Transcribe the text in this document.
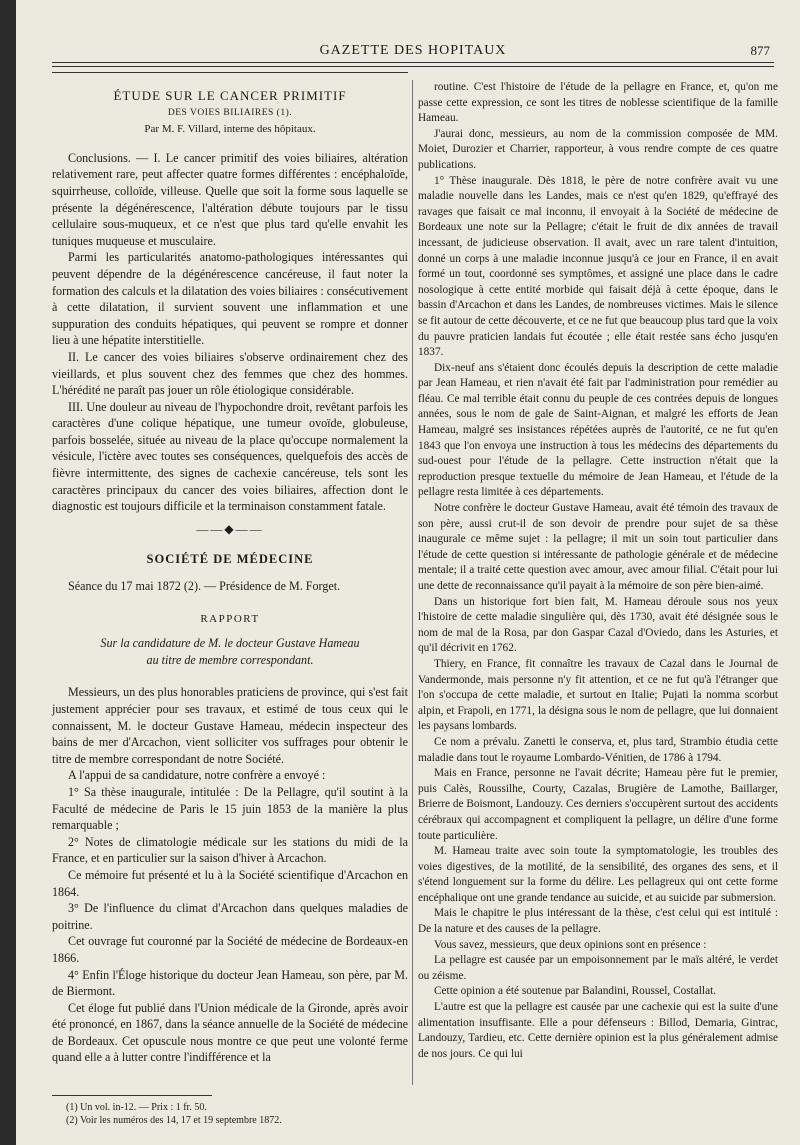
GAZETTE DES HOPITAUX	877

ÉTUDE SUR LE CANCER PRIMITIF

DES VOIES BILIAIRES (1).

Par M. F. Villard, interne des hôpitaux.

Conclusions. — I. Le cancer primitif des voies biliaires, altération relativement rare, peut affecter quatre formes différentes : encéphaloïde, squirrheuse, colloïde, villeuse. Quelle que soit la forme sous laquelle se présente la dégénérescence, l'altération débute toujours par le tissu cellulaire sous-muqueux, et ce n'est que plus tard qu'elle envahit les tuniques muqueuse et musculaire.

Parmi les particularités anatomo-pathologiques intéressantes qui peuvent dépendre de la dégénérescence cancéreuse, il faut noter la formation des calculs et la dilatation des voies biliaires : consécutivement à cette dilatation, il survient souvent une inflammation et une suppuration des conduits hépatiques, qui peuvent se rompre et donner lieu à une hépatite interstitielle.

II. Le cancer des voies biliaires s'observe ordinairement chez des vieillards, et plus souvent chez des femmes que chez des hommes. L'hérédité ne paraît pas jouer un rôle étiologique considérable.

III. Une douleur au niveau de l'hypochondre droit, revêtant parfois les caractères d'une colique hépatique, une tumeur ovoïde, globuleuse, parfois bosselée, située au niveau de la place qu'occupe normalement la vésicule, l'ictère avec toutes ses conséquences, quelquefois des accès de fièvre intermittente, des signes de cachexie cancéreuse, tels sont les caractères principaux du cancer des voies biliaires, affection dont le diagnostic est toujours difficile et la terminaison constamment fatale.

——◆——

SOCIÉTÉ DE MÉDECINE

Séance du 17 mai 1872 (2). — Présidence de M. Forget.

RAPPORT

Sur la candidature de M. le docteur Gustave Hameau
au titre de membre correspondant.

Messieurs, un des plus honorables praticiens de province, qui s'est fait justement apprécier pour ses travaux, et estimé de tous ceux qui le connaissent, M. le docteur Gustave Hameau, médecin inspecteur des bains de mer d'Arcachon, vient solliciter vos suffrages pour obtenir le titre de membre correspondant de notre Société.

A l'appui de sa candidature, notre confrère a envoyé :

1° Sa thèse inaugurale, intitulée : De la Pellagre, qu'il soutint à la Faculté de médecine de Paris le 15 juin 1853 de la manière la plus remarquable ;

2° Notes de climatologie médicale sur les stations du midi de la France, et en particulier sur la saison d'hiver à Arcachon.

Ce mémoire fut présenté et lu à la Société scientifique d'Arcachon en 1864.

3° De l'influence du climat d'Arcachon dans quelques maladies de poitrine.

Cet ouvrage fut couronné par la Société de médecine de Bordeaux-en 1866.

4° Enfin l'Éloge historique du docteur Jean Hameau, son père, par M. de Biermont.

Cet éloge fut publié dans l'Union médicale de la Gironde, après avoir été prononcé, en 1867, dans la séance annuelle de la Société de médecine de Bordeaux. Cet opuscule nous montre ce que peut une volonté ferme quand elle a à lutter contre l'indifférence et la

routine. C'est l'histoire de l'étude de la pellagre en France, et, qu'on me passe cette expression, ce sont les titres de noblesse scientifique de la famille Hameau.

J'aurai donc, messieurs, au nom de la commission composée de MM. Moiet, Durozier et Charrier, rapporteur, à vous rendre compte de ces quatre publications.

1° Thèse inaugurale. Dès 1818, le père de notre confrère avait vu une maladie nouvelle dans les Landes, mais ce n'est qu'en 1829, qu'effrayé des ravages que faisait ce mal inconnu, il envoyait à la Société de médecine de Bordeaux une note sur la Pellagre; c'était le fruit de dix années de travail incessant, de judicieuse observation. Il avait, avec un rare talent d'intuition, donné un corps à une maladie inconnue jusqu'à ce jour en France, il en avait formé un tout, coordonné ses symptômes, et assigné une place dans le cadre nosologique à cette entité morbide qui faisait déjà à cette époque, dans le bassin d'Arcachon et dans les Landes, de nombreuses victimes. Mais le silence se fit autour de cette découverte, et ce ne fut que beaucoup plus tard que la voix du pauvre praticien landais fut écoutée ; elle était restée sans écho jusqu'en 1837.

Dix-neuf ans s'étaient donc écoulés depuis la description de cette maladie par Jean Hameau, et rien n'avait été fait par l'administration pour remédier au fléau. Ce mal terrible était connu du peuple de ces contrées depuis de longues années, sous le nom de gale de Saint-Aignan, et malgré les efforts de Jean Hameau, malgré ses insistances répétées auprès de l'autorité, ce ne fut qu'en 1843 que l'on envoya une instruction à tous les médecins des départements du sud-ouest pour l'étude de la pellagre. Cette instruction n'était que la reproduction presque textuelle du mémoire de Jean Hameau, et l'étude de la pellagre resta limitée à ces départements.

Notre confrère le docteur Gustave Hameau, avait été témoin des travaux de son père, aussi crut-il de son devoir de prendre pour sujet de sa thèse inaugurale ce même sujet : la pellagre; il mit un soin tout particulier dans l'étude de cette question si intéressante de pathologie générale et de médecine mentale; il a traité cette question avec amour, avec amour filial. C'était pour lui une dette de reconnaissance qu'il payait à la mémoire de son père bien-aimé.

Dans un historique fort bien fait, M. Hameau déroule sous nos yeux l'histoire de cette maladie singulière qui, dès 1730, avait été désignée sous le nom de mal de la Rosa, par don Gaspar Cazal d'Oviedo, dans les Asturies, et qu'il décrivit en 1762.

Thiery, en France, fit connaître les travaux de Cazal dans le Journal de Vandermonde, mais personne n'y fit attention, et ce ne fut qu'à l'étranger que l'on s'occupa de cette maladie, et surtout en Italie; Pujati la nomma scorbut alpin, et Frapoli, en 1771, la désigna sous le nom de pellagre, que lui donnaient les paysans lombards.

Ce nom a prévalu. Zanetti le conserva, et, plus tard, Strambio étudia cette maladie dans tout le royaume Lombardo-Vénitien, de 1786 à 1794.

Mais en France, personne ne l'avait décrite; Hameau père fut le premier, puis Calès, Roussilhe, Courty, Cazalas, Brugière de Lamothe, Baillarger, Brierre de Boismont, Landouzy. Ces derniers s'occupèrent surtout des accidents cérébraux qui accompagnent et compliquent la pellagre, un délire d'une forme toute particulière.

M. Hameau traite avec soin toute la symptomatologie, les troubles des voies digestives, de la motilité, de la sensibilité, des organes des sens, et il s'étend longuement sur la forme du délire. Les pellagreux qui ont cette forme encéphalique ont une grande tendance au suicide, et au suicide par submersion.

Mais le chapitre le plus intéressant de la thèse, c'est celui qui est intitulé : De la nature et des causes de la pellagre.

Vous savez, messieurs, que deux opinions sont en présence :

La pellagre est causée par un empoisonnement par le maïs altéré, le verdet ou zéisme.

Cette opinion a été soutenue par Balandini, Roussel, Costallat.

L'autre est que la pellagre est causée par une cachexie qui est la suite d'une alimentation insuffisante. Elle a pour défenseurs : Billod, Demaria, Gintrac, Landouzy, Tardieu, etc. Cette dernière opinion est la plus généralement admise de nos jours. Ce qui lui

(1) Un vol. in-12. — Prix : 1 fr. 50.

(2) Voir les numéros des 14, 17 et 19 septembre 1872.
